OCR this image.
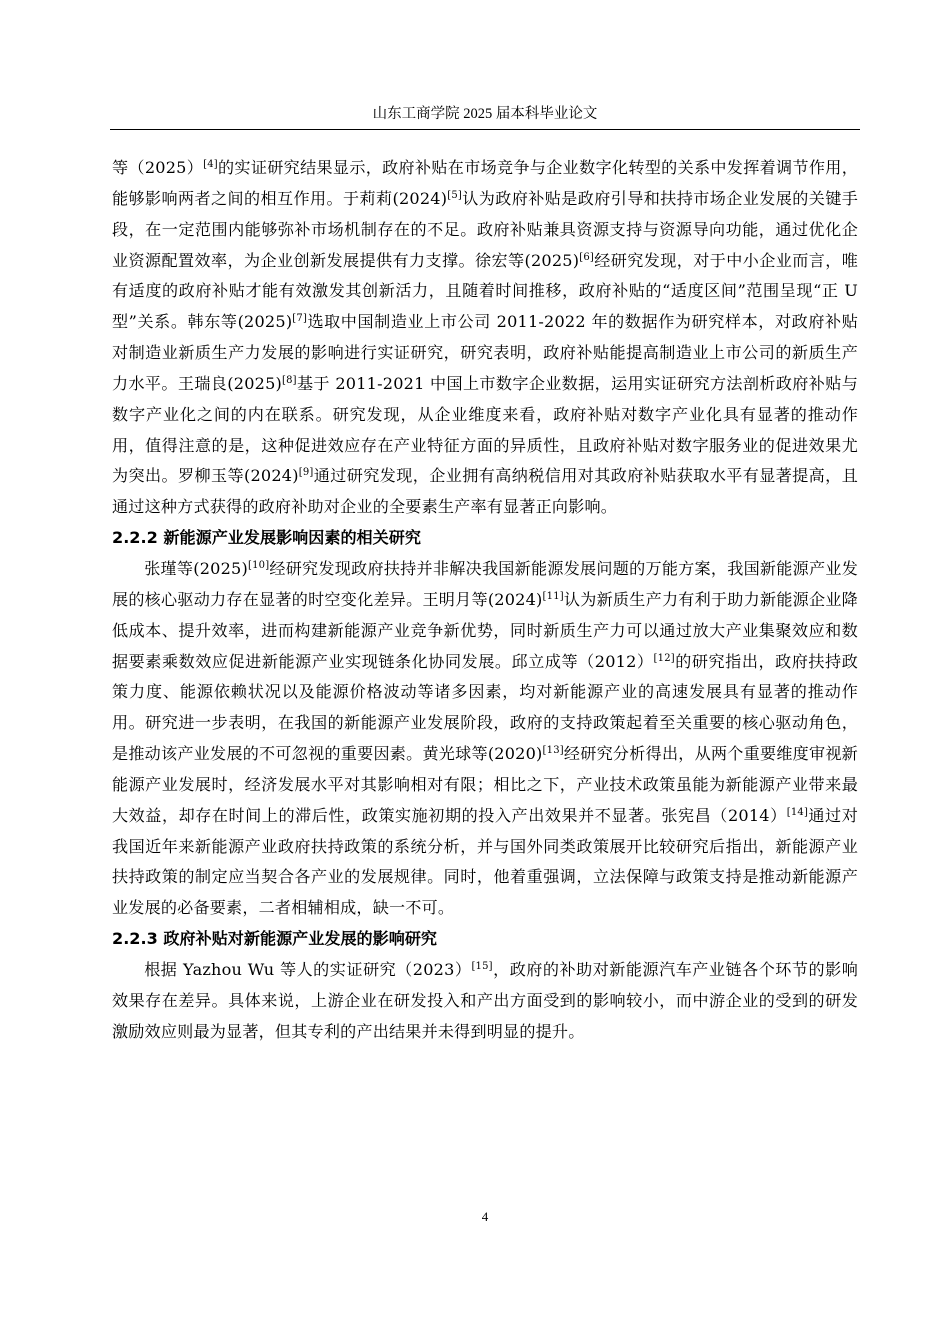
山东工商学院 2025 届本科毕业论文

等（2025）[4]的实证研究结果显示，政府补贴在市场竞争与企业数字化转型的关系中发挥着调节作用，能够影响两者之间的相互作用。于莉莉(2024)[5]认为政府补贴是政府引导和扶持市场企业发展的关键手段，在一定范围内能够弥补市场机制存在的不足。政府补贴兼具资源支持与资源导向功能，通过优化企业资源配置效率，为企业创新发展提供有力支撑。徐宏等(2025)[6]经研究发现，对于中小企业而言，唯有适度的政府补贴才能有效激发其创新活力，且随着时间推移，政府补贴的“适度区间”范围呈现“正 U 型”关系。韩东等(2025)[7]选取中国制造业上市公司 2011-2022 年的数据作为研究样本，对政府补贴对制造业新质生产力发展的影响进行实证研究，研究表明，政府补贴能提高制造业上市公司的新质生产力水平。王瑞良(2025)[8]基于 2011-2021 中国上市数字企业数据，运用实证研究方法剖析政府补贴与数字产业化之间的内在联系。研究发现，从企业维度来看，政府补贴对数字产业化具有显著的推动作用，值得注意的是，这种促进效应存在产业特征方面的异质性，且政府补贴对数字服务业的促进效果尤为突出。罗柳玉等(2024)[9]通过研究发现，企业拥有高纳税信用对其政府补贴获取水平有显著提高，且通过这种方式获得的政府补助对企业的全要素生产率有显著正向影响。

2.2.2 新能源产业发展影响因素的相关研究

张瑾等(2025)[10]经研究发现政府扶持并非解决我国新能源发展问题的万能方案，我国新能源产业发展的核心驱动力存在显著的时空变化差异。王明月等(2024)[11]认为新质生产力有利于助力新能源企业降低成本、提升效率，进而构建新能源产业竞争新优势，同时新质生产力可以通过放大产业集聚效应和数据要素乘数效应促进新能源产业实现链条化协同发展。邱立成等（2012）[12]的研究指出，政府扶持政策力度、能源依赖状况以及能源价格波动等诸多因素，均对新能源产业的高速发展具有显著的推动作用。研究进一步表明，在我国的新能源产业发展阶段，政府的支持政策起着至关重要的核心驱动角色，是推动该产业发展的不可忽视的重要因素。黄光球等(2020)[13]经研究分析得出，从两个重要维度审视新能源产业发展时，经济发展水平对其影响相对有限；相比之下，产业技术政策虽能为新能源产业带来最大效益，却存在时间上的滞后性，政策实施初期的投入产出效果并不显著。张宪昌（2014）[14]通过对我国近年来新能源产业政府扶持政策的系统分析，并与国外同类政策展开比较研究后指出，新能源产业扶持政策的制定应当契合各产业的发展规律。同时，他着重强调，立法保障与政策支持是推动新能源产业发展的必备要素，二者相辅相成，缺一不可。

2.2.3 政府补贴对新能源产业发展的影响研究

根据 Yazhou Wu 等人的实证研究（2023）[15]，政府的补助对新能源汽车产业链各个环节的影响效果存在差异。具体来说，上游企业在研发投入和产出方面受到的影响较小，而中游企业的受到的研发激励效应则最为显著，但其专利的产出结果并未得到明显的提升。

4
